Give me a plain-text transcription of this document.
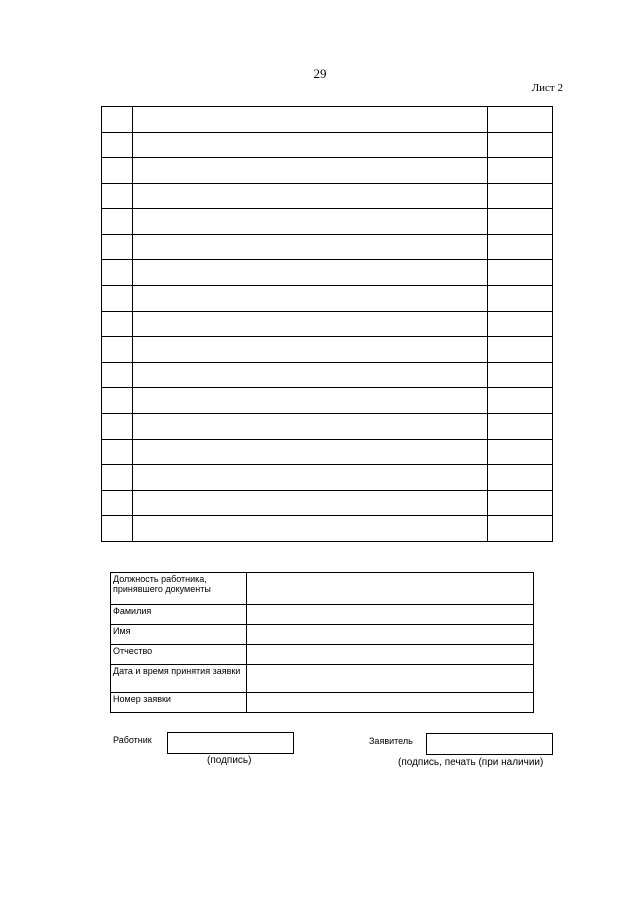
29
Лист 2

Должность работника, принявшего документы	
Фамилия	
Имя	
Отчество	
Дата и время принятия заявки	
Номер заявки	
Работник
(подпись)
Заявитель
(подпись, печать (при наличии)
